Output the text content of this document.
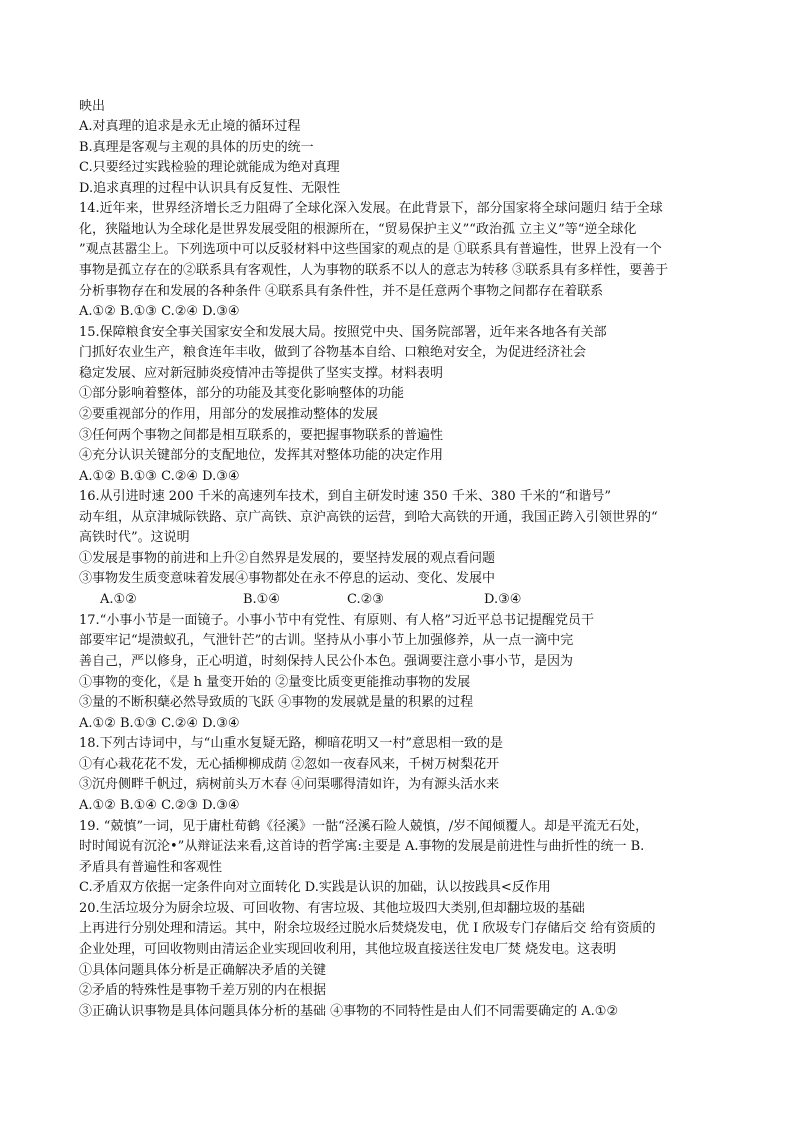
映出
A.对真理的追求是永无止境的循环过程
B.真理是客观与主观的具体的历史的统一
C.只要经过实践检验的理论就能成为绝对真理
D.追求真理的过程中认识具有反复性、无限性
14.近年来，世界经济增长乏力阻碍了全球化深入发展。在此背景下，部分国家将全球问题归 结于全球
化，狭隘地认为全球化是世界发展受阻的根源所在，“贸易保护主义”“政治孤 立主义”等“逆全球化
”观点甚嚣尘上。下列选项中可以反驳材料中这些国家的观点的是 ①联系具有普遍性，世界上没有一个
事物是孤立存在的②联系具有客观性，人为事物的联系不以人的意志为转移 ③联系具有多样性，要善于
分析事物存在和发展的各种条件 ④联系具有条件性，并不是任意两个事物之间都存在着联系
A.①② B.①③ C.②④ D.③④
15.保障粮食安全事关国家安全和发展大局。按照党中央、国务院部署，近年来各地各有关部
门抓好农业生产，粮食连年丰收，做到了谷物基本自给、口粮绝对安全，为促进经济社会
稳定发展、应对新冠肺炎疫情冲击等提供了坚实支撑。材料表明
①部分影响着整体，部分的功能及其变化影响整体的功能
②要重视部分的作用，用部分的发展推动整体的发展
③任何两个事物之间都是相互联系的，要把握事物联系的普遍性
④充分认识关键部分的支配地位，发挥其对整体功能的决定作用
A.①② B.①③ C.②④ D.③④
16.从引进时速 200 千米的高速列车技术，到自主研发时速 350 千米、380 千米的“和谐号”
动车组，从京津城际铁路、京广高铁、京沪高铁的运营，到哈大高铁的开通，我国正跨入引领世界的“
高铁时代”。这说明
①发展是事物的前进和上升②自然界是发展的，要坚持发展的观点看问题
③事物发生质变意味着发展④事物都处在永不停息的运动、变化、发展中
A.①②	B.①④	C.②③	D.③④
17.“小事小节是一面镜子。小事小节中有党性、有原则、有人格”习近平总书记提醒党员干
部要牢记“堤溃蚁孔，气泄针芒”的古训。坚持从小事小节上加强修养，从一点一滴中完
善自己，严以修身，正心明道，时刻保持人民公仆本色。强调要注意小事小节，是因为
①事物的变化，《是 h 量变开始的 ②量变比质变更能推动事物的发展
③量的不断积蘖必然导致质的飞跃 ④事物的发展就是量的积累的过程
A.①② B.①③ C.②④ D.③④
18.下列古诗词中，与“山重水复疑无路，柳暗花明又一村”意思相一致的是
①有心栽花花不发，无心插柳柳成荫 ②忽如一夜春风来，千树万树梨花开
③沉舟侧畔千帆过，病树前头万木春 ④问渠哪得清如许，为有源头活水来
A.①② B.①④ C.②③ D.③④
19. “兢慎”一词，见于庸杜荀鹤《径溪》一骷“泾溪石险人兢慎，/岁不闻倾覆人。却是平流无石处，
时时闻说有沉沦•”从辩证法来看,这首诗的哲学寓:主要是 A.事物的发展是前进性与曲折性的统一 B.
矛盾具有普遍性和客观性
C.矛盾双方依据一定条件向对立面转化 D.实践是认识的加础，认以按践具<反作用
20.生活垃圾分为厨余垃圾、可回收物、有害垃圾、其他垃圾四大类别,但却翻垃圾的基础
上再进行分别处理和清运。其中，附余垃圾经过脱水后焚烧发电，优 I 欣圾专门存储后交 给有资质的
企业处理，可回收物则由清运企业实现回收利用，其他垃圾直接送往发电厂焚 烧发电。这表明
①具体问题具体分析是正确解决矛盾的关键
②矛盾的特殊性是事物千差万别的内在根据
③正确认识事物是具体问题具体分析的基础 ④事物的不同特性是由人们不同需要确定的 A.①②
